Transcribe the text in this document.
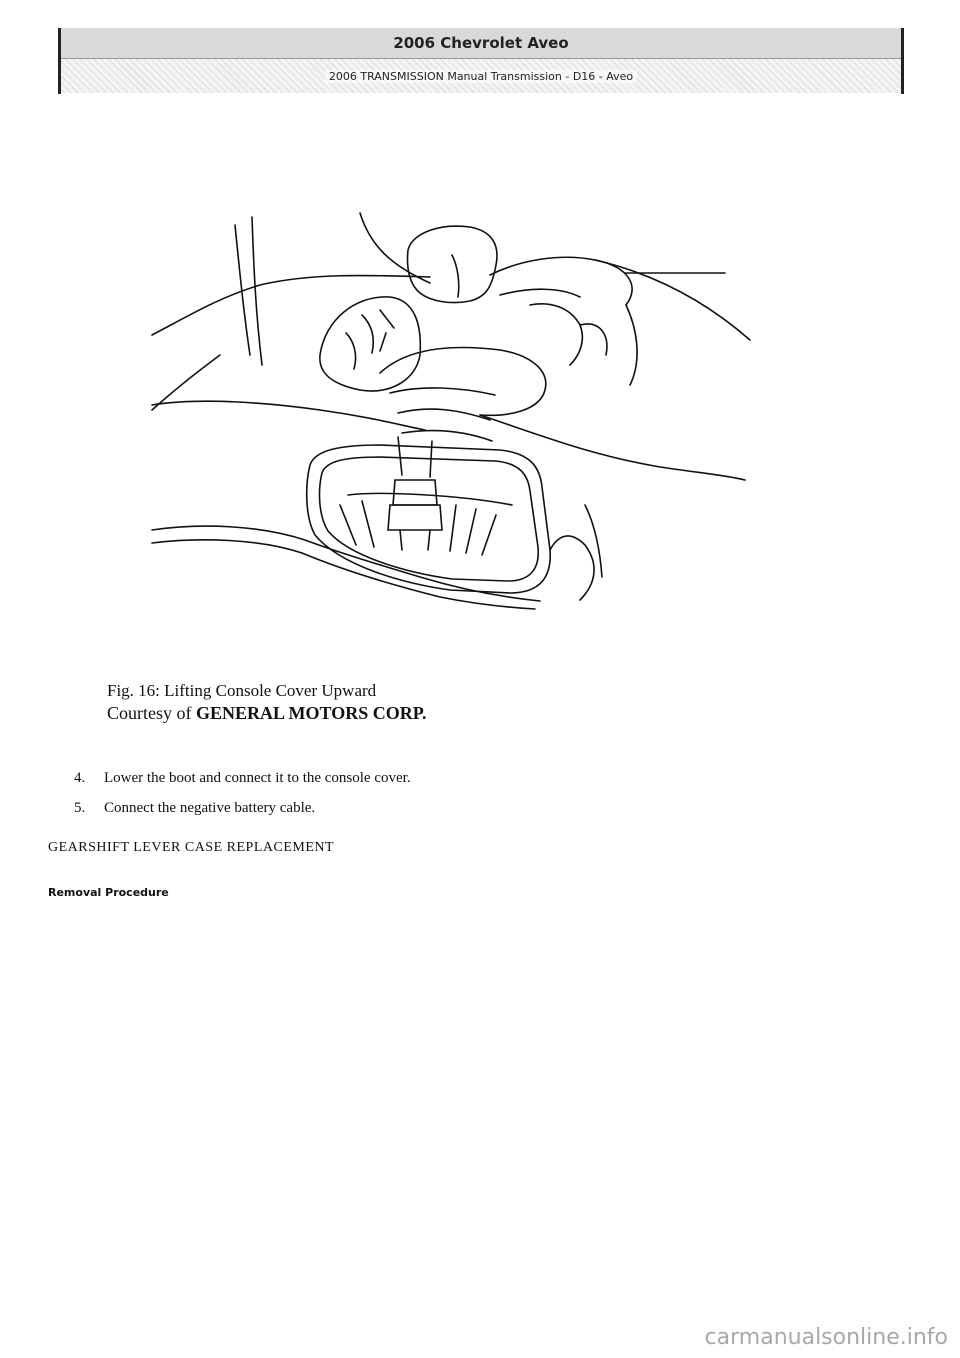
2006 Chevrolet Aveo
2006 TRANSMISSION Manual Transmission - D16 - Aveo
Fig. 16: Lifting Console Cover Upward
Courtesy of GENERAL MOTORS CORP.
4.	Lower the boot and connect it to the console cover.
5.	Connect the negative battery cable.
GEARSHIFT LEVER CASE REPLACEMENT
Removal Procedure
carmanualsonline.info
